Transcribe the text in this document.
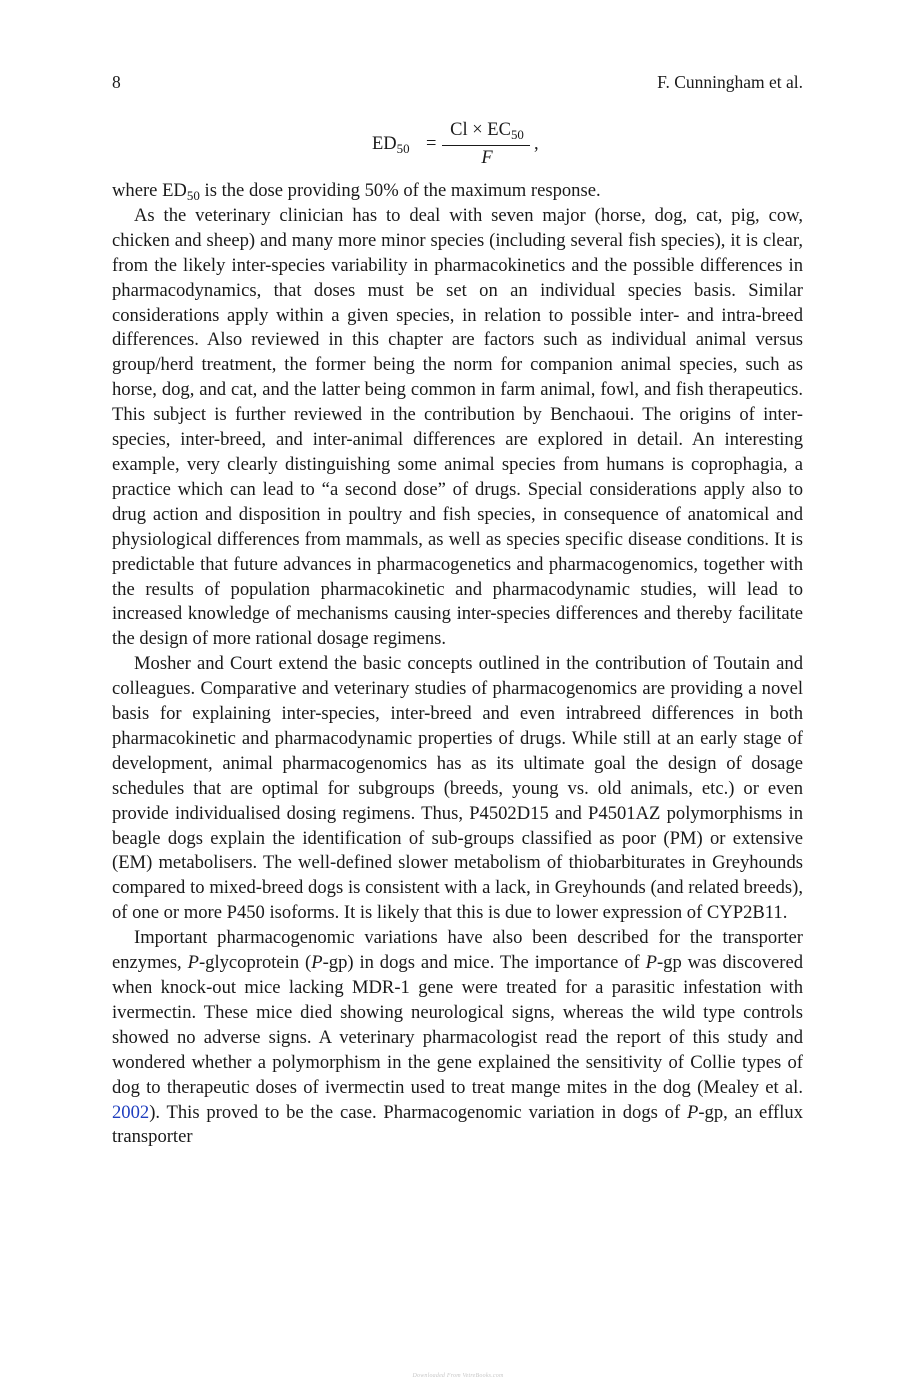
8	F. Cunningham et al.
$ED_{50}$ =
$Cl \times EC_{50}$
F
,

where $ED_{50}$ is the dose providing 50% of the maximum response.

As the veterinary clinician has to deal with seven major (horse, dog, cat, pig, cow, chicken and sheep) and many more minor species (including several fish species), it is clear, from the likely inter-species variability in pharmacokinetics and the possible differences in pharmacodynamics, that doses must be set on an individual species basis. Similar considerations apply within a given species, in relation to possible inter- and intra-breed differences. Also reviewed in this chapter are factors such as individual animal versus group/herd treatment, the former being the norm for companion animal species, such as horse, dog, and cat, and the latter being common in farm animal, fowl, and fish therapeutics. This subject is further reviewed in the contribution by Benchaoui. The origins of inter-species, inter-breed, and inter-animal differences are explored in detail. An interesting example, very clearly distinguishing some animal species from humans is coprophagia, a practice which can lead to “a second dose” of drugs. Special considerations apply also to drug action and disposition in poultry and fish species, in consequence of anatomical and physiological differences from mammals, as well as species specific disease conditions. It is predictable that future advances in pharmacogenetics and pharmacogenomics, together with the results of population pharmacokinetic and pharmacodynamic studies, will lead to increased knowledge of mechanisms causing inter-species differences and thereby facilitate the design of more rational dosage regimens.

Mosher and Court extend the basic concepts outlined in the contribution of Toutain and colleagues. Comparative and veterinary studies of pharmacogenomics are providing a novel basis for explaining inter-species, inter-breed and even intrabreed differences in both pharmacokinetic and pharmacodynamic properties of drugs. While still at an early stage of development, animal pharmacogenomics has as its ultimate goal the design of dosage schedules that are optimal for subgroups (breeds, young vs. old animals, etc.) or even provide individualised dosing regimens. Thus, P4502D15 and P4501AZ polymorphisms in beagle dogs explain the identification of sub-groups classified as poor (PM) or extensive (EM) metabolisers. The well-defined slower metabolism of thiobarbiturates in Greyhounds compared to mixed-breed dogs is consistent with a lack, in Greyhounds (and related breeds), of one or more P450 isoforms. It is likely that this is due to lower expression of CYP2B11.

Important pharmacogenomic variations have also been described for the transporter enzymes, P-glycoprotein (P-gp) in dogs and mice. The importance of P-gp was discovered when knock-out mice lacking MDR-1 gene were treated for a parasitic infestation with ivermectin. These mice died showing neurological signs, whereas the wild type controls showed no adverse signs. A veterinary pharmacologist read the report of this study and wondered whether a polymorphism in the gene explained the sensitivity of Collie types of dog to therapeutic doses of ivermectin used to treat mange mites in the dog (Mealey et al. 2002). This proved to be the case. Pharmacogenomic variation in dogs of P-gp, an efflux transporter

Downloaded From VetreBooks.com
